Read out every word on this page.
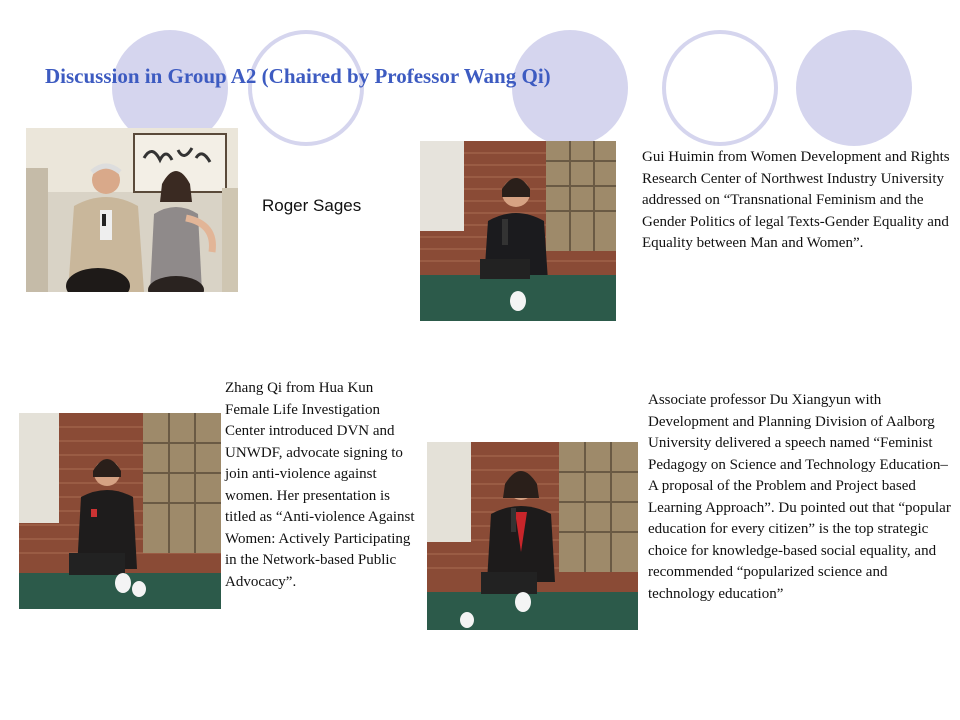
Discussion in Group A2 (Chaired by Professor Wang Qi)
Roger Sages

Gui Huimin from Women Development and Rights Research Center of Northwest Industry University addressed on “Transnational Feminism and the Gender Politics of legal Texts-Gender Equality and Equality between Man and Women”.

Zhang Qi from Hua Kun Female Life Investigation Center introduced DVN and UNWDF, advocate signing to join anti-violence against women. Her presentation is titled as “Anti-violence Against Women: Actively Participating in the Network-based Public Advocacy”.

Associate professor Du Xiangyun with Development and Planning Division of Aalborg University delivered a speech named “Feminist Pedagogy on Science and Technology Education– A proposal of the Problem and Project based Learning Approach”. Du pointed out that “popular education for every citizen” is the top strategic choice for knowledge-based social equality, and recommended “popularized science and technology education”
